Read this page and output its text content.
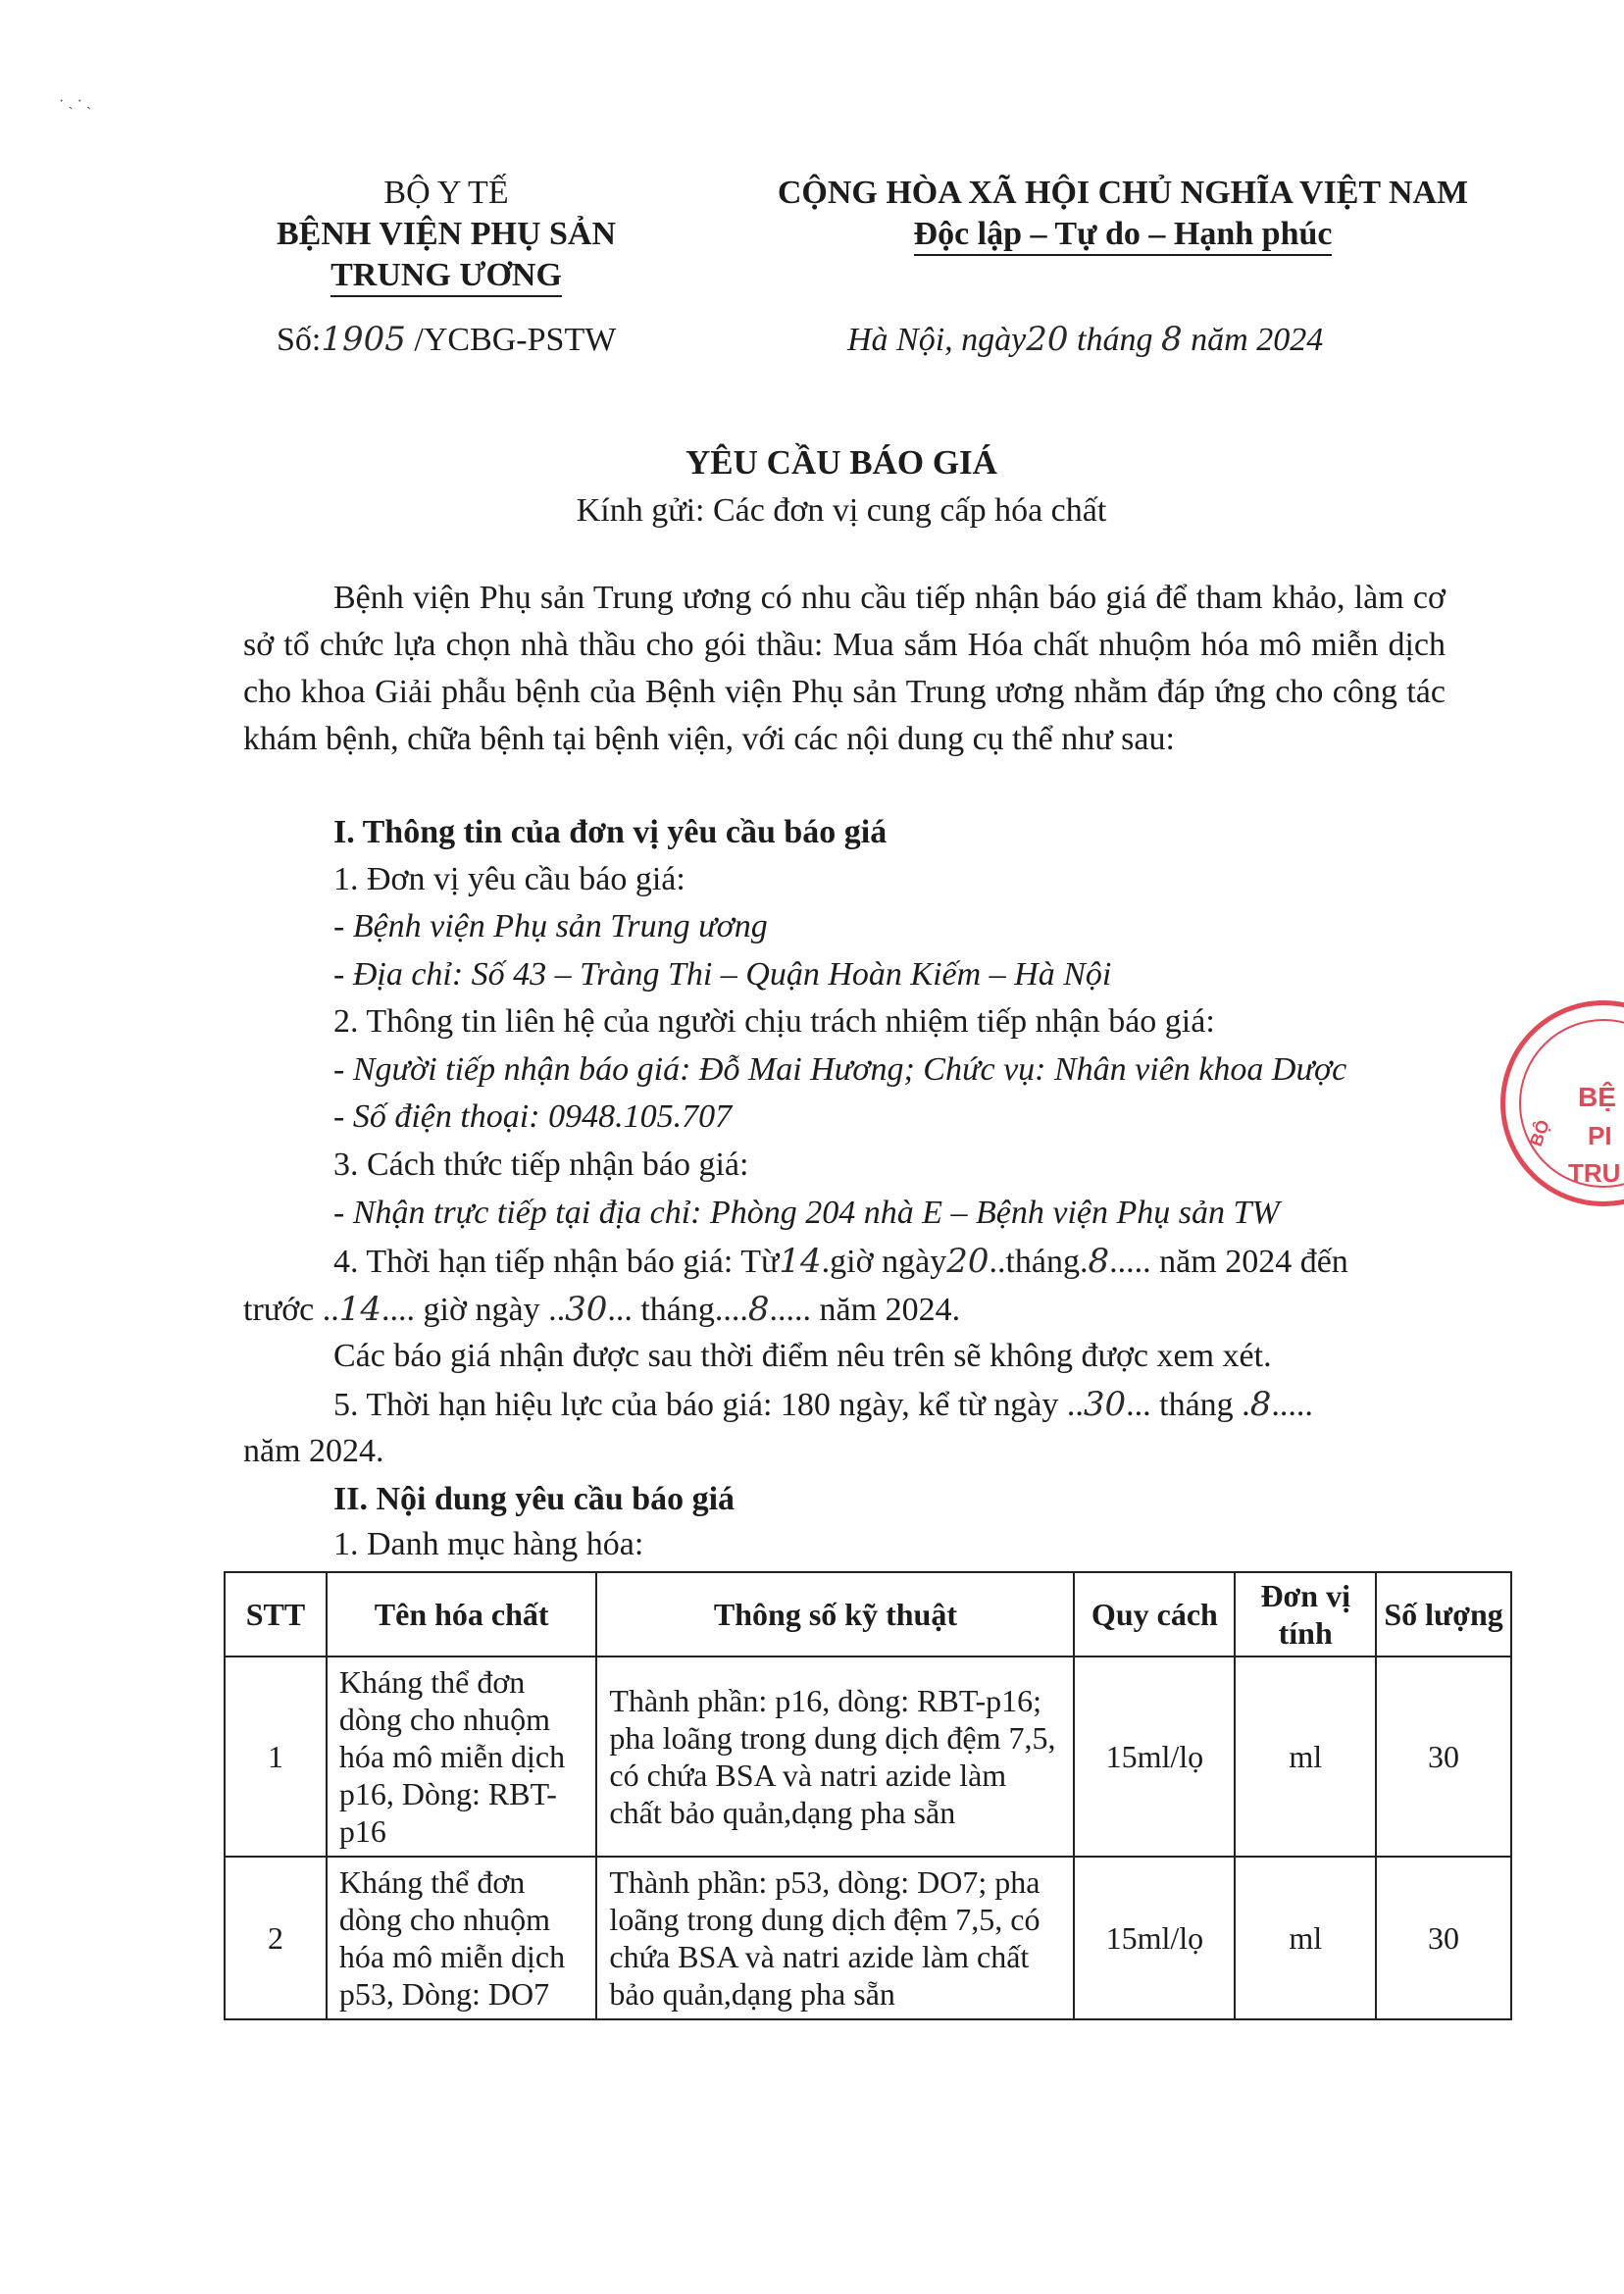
· ˎ · ˏ
BỘ Y TẾ
BỆNH VIỆN PHỤ SẢN
TRUNG ƯƠNG
Số:1905 /YCBG-PSTW
CỘNG HÒA XÃ HỘI CHỦ NGHĨA VIỆT NAM
Độc lập – Tự do – Hạnh phúc
Hà Nội, ngày20 tháng 8 năm 2024
YÊU CẦU BÁO GIÁ
Kính gửi: Các đơn vị cung cấp hóa chất
Bệnh viện Phụ sản Trung ương có nhu cầu tiếp nhận báo giá để tham khảo, làm cơ sở tổ chức lựa chọn nhà thầu cho gói thầu: Mua sắm Hóa chất nhuộm hóa mô miễn dịch cho khoa Giải phẫu bệnh của Bệnh viện Phụ sản Trung ương nhằm đáp ứng cho công tác khám bệnh, chữa bệnh tại bệnh viện, với các nội dung cụ thể như sau:
I. Thông tin của đơn vị yêu cầu báo giá
1. Đơn vị yêu cầu báo giá:
- Bệnh viện Phụ sản Trung ương
- Địa chỉ: Số 43 – Tràng Thi – Quận Hoàn Kiếm – Hà Nội
2. Thông tin liên hệ của người chịu trách nhiệm tiếp nhận báo giá:
- Người tiếp nhận báo giá: Đỗ Mai Hương; Chức vụ: Nhân viên khoa Dược
- Số điện thoại: 0948.105.707
3. Cách thức tiếp nhận báo giá:
- Nhận trực tiếp tại địa chỉ: Phòng 204 nhà E – Bệnh viện Phụ sản TW
4. Thời hạn tiếp nhận báo giá: Từ14.giờ ngày20..tháng.8..... năm 2024 đến
trước ..14.... giờ ngày ..30... tháng....8..... năm 2024.
Các báo giá nhận được sau thời điểm nêu trên sẽ không được xem xét.
5. Thời hạn hiệu lực của báo giá: 180 ngày, kể từ ngày ..30... tháng .8.....
năm 2024.
II. Nội dung yêu cầu báo giá
1. Danh mục hàng hóa:
STT	Tên hóa chất	Thông số kỹ thuật	Quy cách	Đơn vị tính	Số lượng
1	Kháng thể đơn dòng cho nhuộm hóa mô miễn dịch p16, Dòng: RBT-p16	Thành phần: p16, dòng: RBT-p16; pha loãng trong dung dịch đệm 7,5, có chứa BSA và natri azide làm chất bảo quản,dạng pha sẵn	15ml/lọ	ml	30
2	Kháng thể đơn dòng cho nhuộm hóa mô miễn dịch p53, Dòng: DO7	Thành phần: p53, dòng: DO7; pha loãng trong dung dịch đệm 7,5, có chứa BSA và natri azide làm chất bảo quản,dạng pha sẵn	15ml/lọ	ml	30
BỆ
PI
TRU
BỘ
